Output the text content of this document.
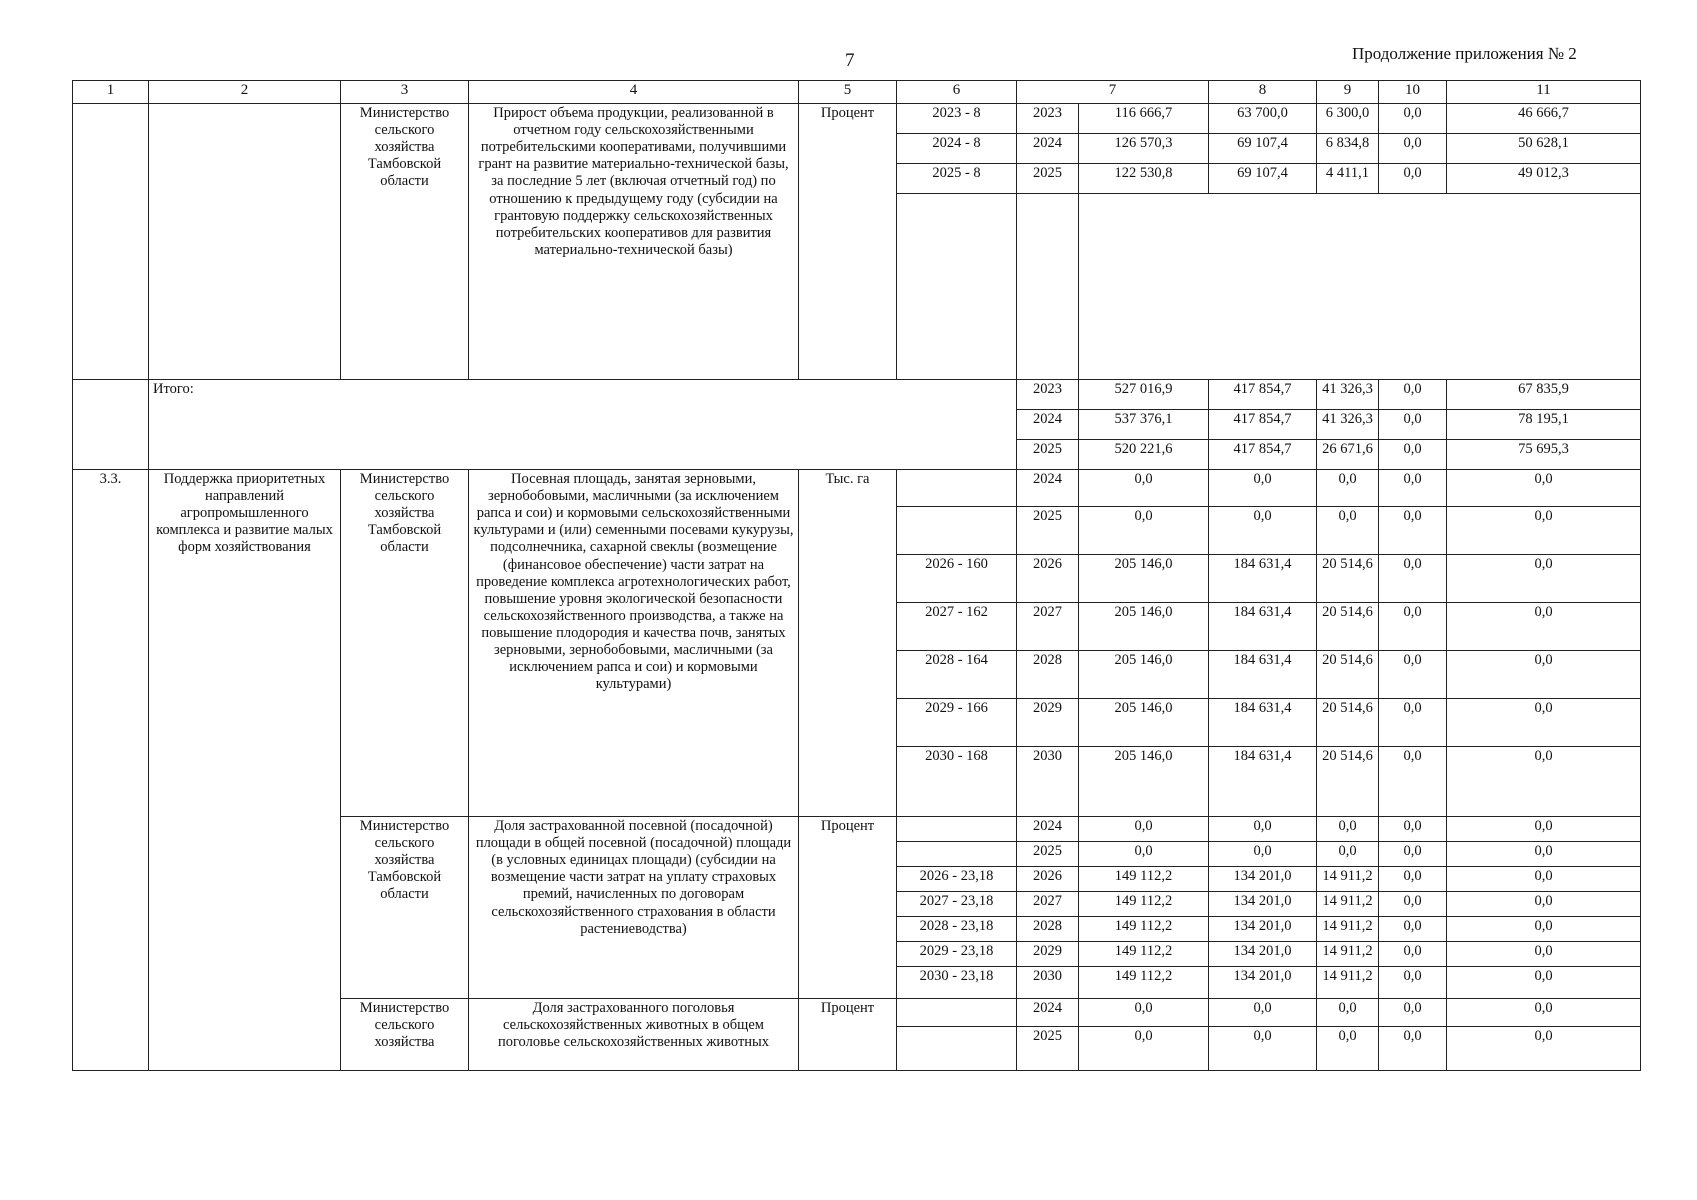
7	Продолжение приложения № 2
1	2	3	4	5	6	7		8	9	10	11
		Министерство сельского хозяйства Тамбовской области	Прирост объема продукции, реализованной в отчетном году сельскохозяйственными потребительскими кооперативами, получившими грант на развитие материально-технической базы, за последние 5 лет (включая отчетный год) по отношению к предыдущему году (субсидии на грантовую поддержку сельскохозяйственных потребительских кооперативов для развития материально-технической базы)	Процент	2023 - 8	2023	116 666,7	63 700,0	6 300,0	0,0	46 666,7
					2024 - 8	2024	126 570,3	69 107,4	6 834,8	0,0	50 628,1
					2025 - 8	2025	122 530,8	69 107,4	4 411,1	0,0	49 012,3

	Итого:					2023	527 016,9	417 854,7	41 326,3	0,0	67 835,9
						2024	537 376,1	417 854,7	41 326,3	0,0	78 195,1
						2025	520 221,6	417 854,7	26 671,6	0,0	75 695,3
3.3.	Поддержка приоритетных направлений агропромышленного комплекса и развитие малых форм хозяйствования	Министерство сельского хозяйства Тамбовской области	Посевная площадь, занятая зерновыми, зернобобовыми, масличными (за исключением рапса и сои) и кормовыми сельскохозяйственными культурами и (или) семенными посевами кукурузы, подсолнечника, сахарной свеклы (возмещение (финансовое обеспечение) части затрат на проведение комплекса агротехнологических работ, повышение уровня экологической безопасности сельскохозяйственного производства, а также на повышение плодородия и качества почв, занятых зерновыми, зернобобовыми, масличными (за исключением рапса и сои) и кормовыми культурами)	Тыс. га		2024	0,0	0,0	0,0	0,0	0,0
						2025	0,0	0,0	0,0	0,0	0,0
					2026 - 160	2026	205 146,0	184 631,4	20 514,6	0,0	0,0
					2027 - 162	2027	205 146,0	184 631,4	20 514,6	0,0	0,0
					2028 - 164	2028	205 146,0	184 631,4	20 514,6	0,0	0,0
					2029 - 166	2029	205 146,0	184 631,4	20 514,6	0,0	0,0
					2030 - 168	2030	205 146,0	184 631,4	20 514,6	0,0	0,0
		Министерство сельского хозяйства Тамбовской области	Доля застрахованной посевной (посадочной) площади в общей посевной (посадочной) площади (в условных единицах площади) (субсидии на возмещение части затрат на уплату страховых премий, начисленных по договорам сельскохозяйственного страхования в области растениеводства)	Процент		2024	0,0	0,0	0,0	0,0	0,0
						2025	0,0	0,0	0,0	0,0	0,0
					2026 - 23,18	2026	149 112,2	134 201,0	14 911,2	0,0	0,0
					2027 - 23,18	2027	149 112,2	134 201,0	14 911,2	0,0	0,0
					2028 - 23,18	2028	149 112,2	134 201,0	14 911,2	0,0	0,0
					2029 - 23,18	2029	149 112,2	134 201,0	14 911,2	0,0	0,0
					2030 - 23,18	2030	149 112,2	134 201,0	14 911,2	0,0	0,0
		Министерство сельского хозяйства	Доля застрахованного поголовья сельскохозяйственных животных в общем поголовье сельскохозяйственных животных	Процент		2024	0,0	0,0	0,0	0,0	0,0
						2025	0,0	0,0	0,0	0,0	0,0
